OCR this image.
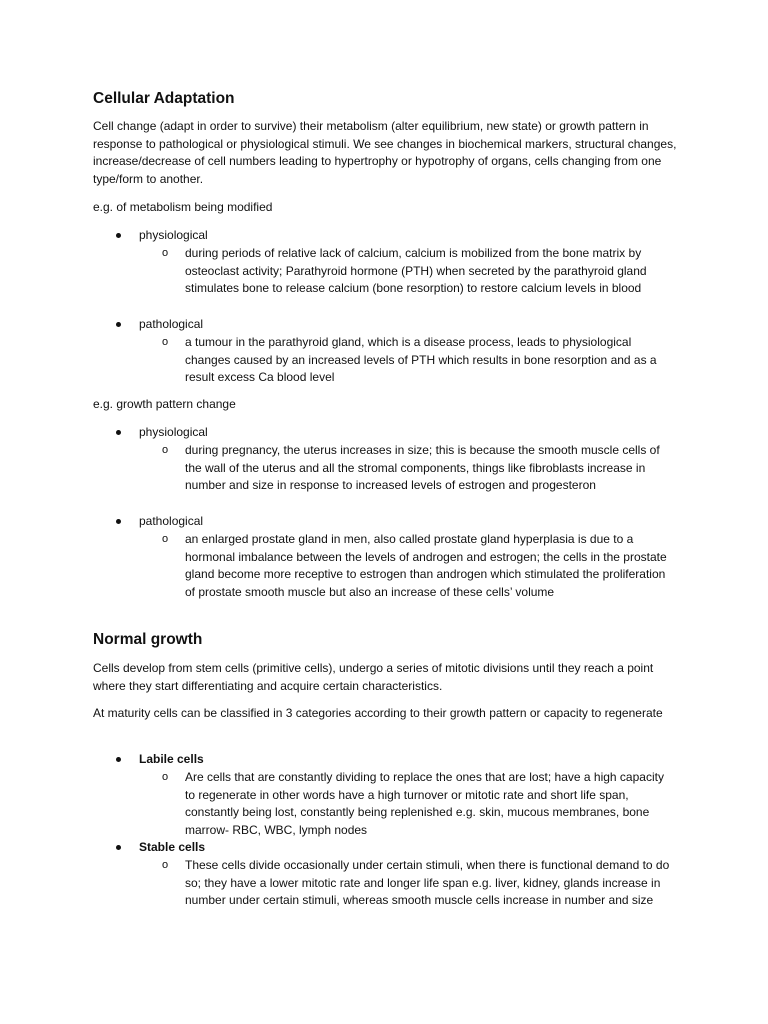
Cellular Adaptation

Cell change (adapt in order to survive) their metabolism (alter equilibrium, new state) or growth pattern in response to pathological or physiological stimuli. We see changes in biochemical markers, structural changes, increase/decrease of cell numbers leading to hypertrophy or hypotrophy of organs, cells changing from one type/form to another.

e.g. of metabolism being modified

physiological
o	during periods of relative lack of calcium, calcium is mobilized from the bone matrix by osteoclast activity; Parathyroid hormone (PTH) when secreted by the parathyroid gland stimulates bone to release calcium (bone resorption) to restore calcium levels in blood
pathological
o	a tumour in the parathyroid gland, which is a disease process, leads to physiological changes caused by an increased levels of PTH which results in bone resorption and as a result excess Ca blood level

e.g. growth pattern change

physiological
o	during pregnancy, the uterus increases in size; this is because the smooth muscle cells of the wall of the uterus and all the stromal components, things like fibroblasts increase in number and size in response to increased levels of estrogen and progesteron
pathological
o	an enlarged prostate gland in men, also called prostate gland hyperplasia is due to a hormonal imbalance between the levels of androgen and estrogen; the cells in the prostate gland become more receptive to estrogen than androgen which stimulated the proliferation of prostate smooth muscle but also an increase of these cells’ volume
Normal growth

Cells develop from stem cells (primitive cells), undergo a series of mitotic divisions until they reach a point where they start differentiating and acquire certain characteristics.

At maturity cells can be classified in 3 categories according to their growth pattern or capacity to regenerate

Labile cells
o	Are cells that are constantly dividing to replace the ones that are lost; have a high capacity to regenerate in other words have a high turnover or mitotic rate and short life span, constantly being lost, constantly being replenished e.g. skin, mucous membranes, bone marrow- RBC, WBC, lymph nodes
Stable cells
o	These cells divide occasionally under certain stimuli, when there is functional demand to do so; they have a lower mitotic rate and longer life span e.g. liver, kidney, glands increase in number under certain stimuli, whereas smooth muscle cells increase in number and size
